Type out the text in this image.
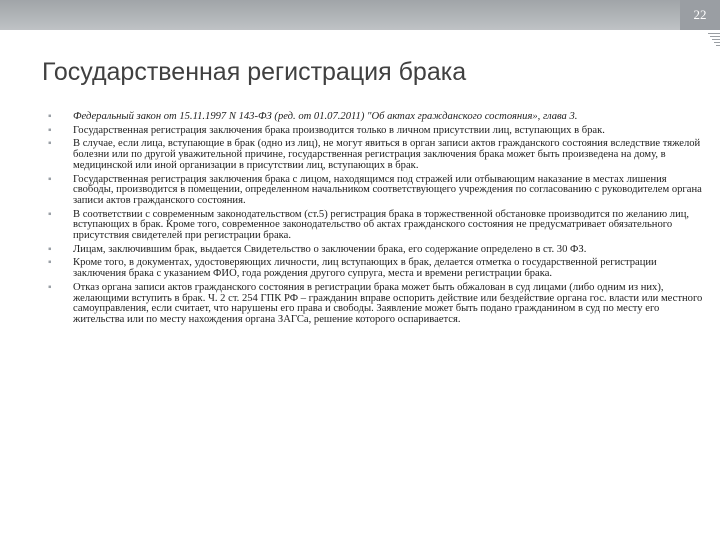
22
Государственная регистрация брака
▪	Федеральный закон от 15.11.1997 N 143-ФЗ (ред. от 01.07.2011) "Об актах гражданского состояния», глава 3.
▪	Государственная регистрация заключения брака производится только в личном присутствии лиц, вступающих в брак.
▪	В случае, если лица, вступающие в брак (одно из лиц), не могут явиться в орган записи актов гражданского состояния вследствие тяжелой болезни или по другой уважительной причине, государственная регистрация заключения брака может быть произведена на дому, в медицинской или иной организации в присутствии лиц, вступающих в брак.
▪	Государственная регистрация заключения брака с лицом, находящимся под стражей или отбывающим наказание в местах лишения свободы, производится в помещении, определенном начальником соответствующего учреждения по согласованию с руководителем органа записи актов гражданского состояния.
▪	В соответствии с современным законодательством (ст.5) регистрация брака в торжественной обстановке производится по желанию лиц, вступающих в брак. Кроме того, современное законодательство об актах гражданского состояния не предусматривает обязательного присутствия свидетелей при регистрации брака.
▪	Лицам, заключившим брак, выдается Свидетельство о заключении брака, его содержание определено в ст. 30 ФЗ.
▪	Кроме того, в документах, удостоверяющих личности, лиц вступающих в брак, делается отметка о государственной регистрации заключения брака с указанием ФИО, года рождения другого супруга, места и времени регистрации брака.
▪	Отказ органа записи актов гражданского состояния в регистрации брака может быть обжалован в суд лицами (либо одним из них), желающими вступить в брак. Ч. 2 ст. 254 ГПК РФ – гражданин вправе оспорить действие или бездействие органа гос. власти или местного самоуправления, если считает, что нарушены его права и свободы. Заявление может быть подано гражданином в суд по месту его жительства или по месту нахождения органа ЗАГСа, решение которого оспаривается.
